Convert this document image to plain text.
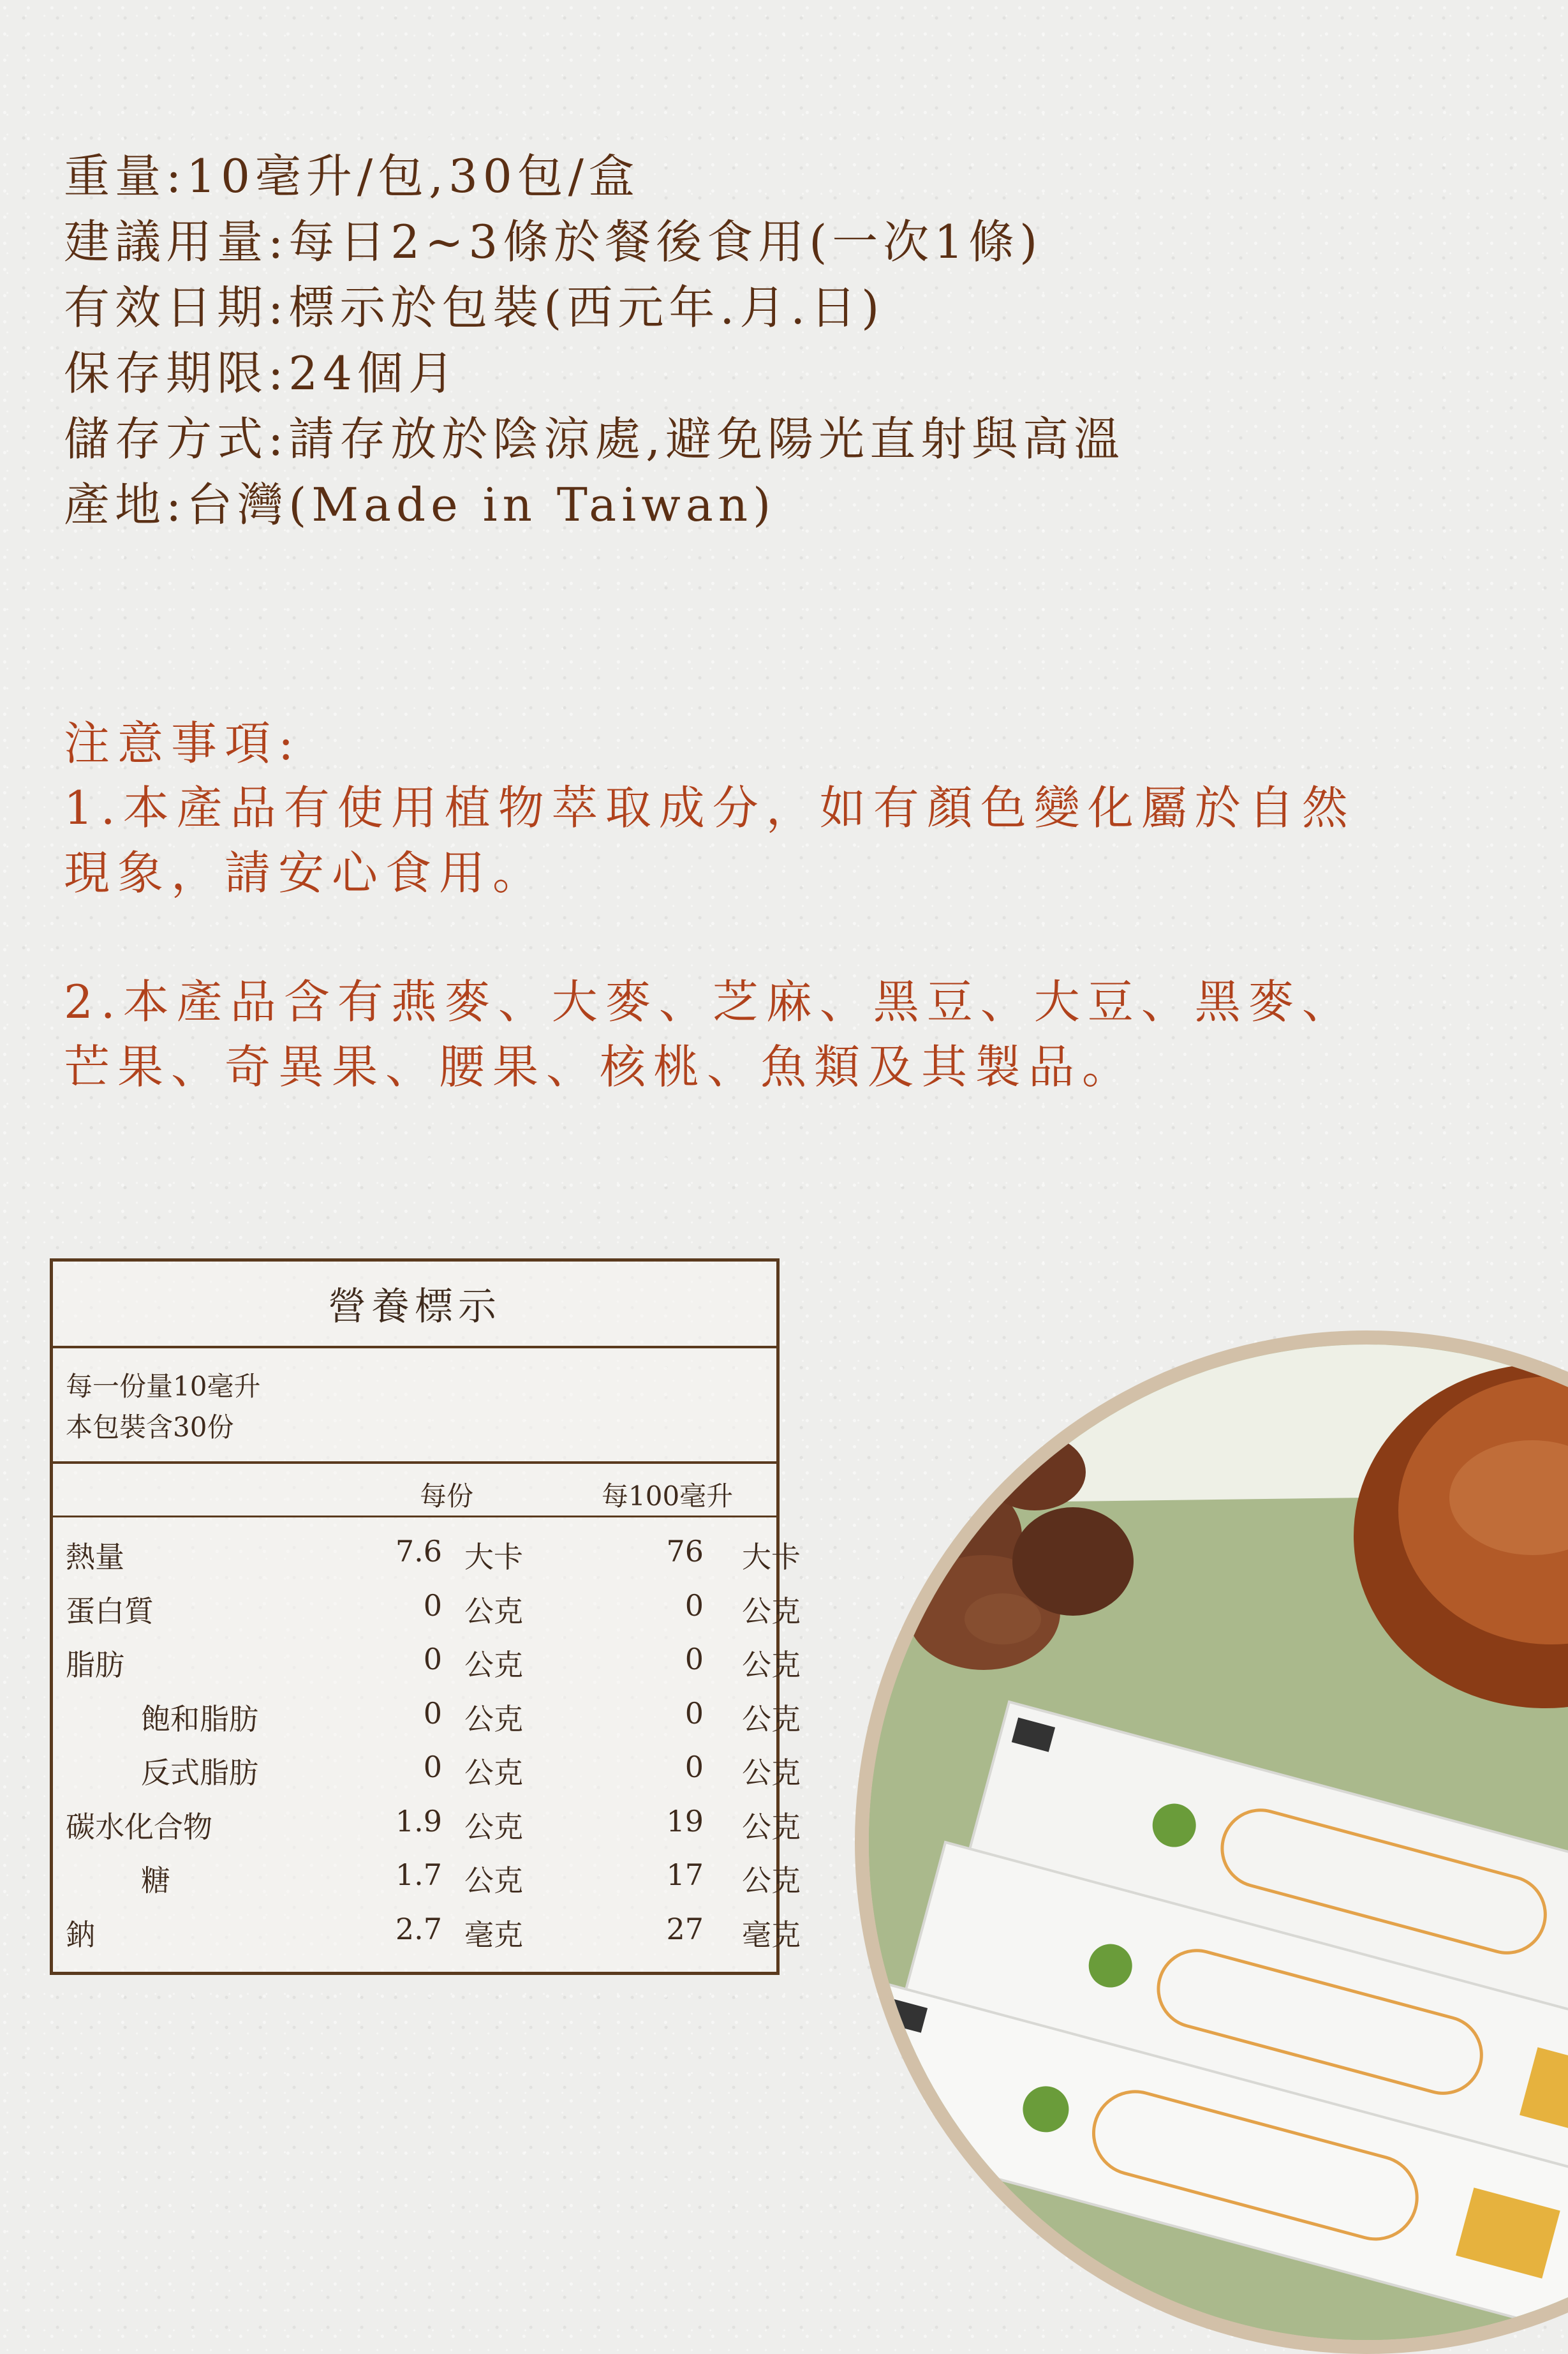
重量:10毫升/包,30包/盒
建議用量:每日2~3條於餐後食用(一次1條)
有效日期:標示於包裝(西元年.月.日)
保存期限:24個月
儲存方式:請存放於陰涼處,避免陽光直射與高溫
產地:台灣(Made in Taiwan)
注意事項:
1.本產品有使用植物萃取成分，如有顏色變化屬於自然
現象，請安心食用。
2.本產品含有燕麥、大麥、芝麻、黑豆、大豆、黑麥、
芒果、奇異果、腰果、核桃、魚類及其製品。
營養標示
每一份量10毫升
本包裝含30份
每份	每100毫升
熱量	7.6 大卡	76 大卡
蛋白質	0 公克	0 公克
脂肪	0 公克	0 公克
飽和脂肪	0 公克	0 公克
反式脂肪	0 公克	0 公克
碳水化合物	1.9 公克	19 公克
糖	1.7 公克	17 公克
鈉	2.7 毫克	27 毫克
